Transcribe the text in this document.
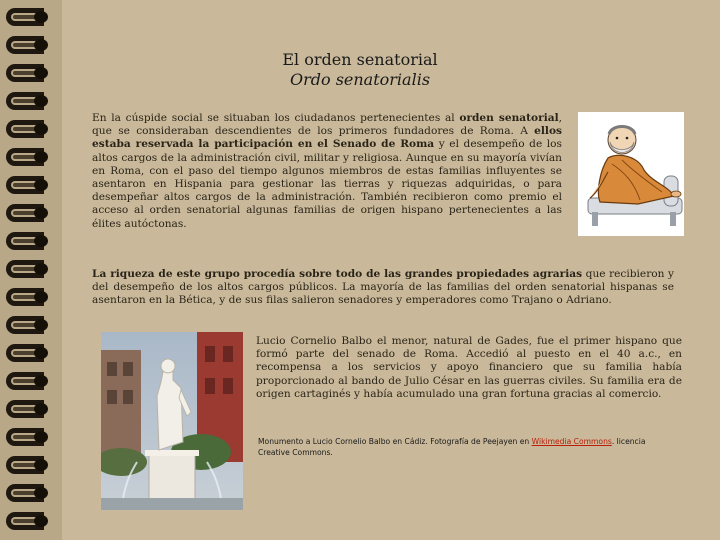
El orden senatorial
Ordo senatorialis
En la cúspide social se situaban los ciudadanos pertenecientes al orden senatorial, que se consideraban descendientes de los primeros fundadores de Roma. A ellos estaba reservada la participación en el Senado de Roma y el desempeño de los altos cargos de la administración civil, militar y religiosa. Aunque en su mayoría vivían en Roma, con el paso del tiempo algunos miembros de estas familias influyentes se asentaron en Hispania para gestionar las tierras y riquezas adquiridas, o para desempeñar altos cargos de la administración. También recibieron como premio el acceso al orden senatorial algunas familias de origen hispano pertenecientes a las élites autóctonas.
La riqueza de este grupo procedía sobre todo de las grandes propiedades agrarias que recibieron y del desempeño de los altos cargos públicos. La mayoría de las familias del orden senatorial hispanas se asentaron en la Bética, y de sus filas salieron senadores y emperadores como Trajano o Adriano.
Lucio Cornelio Balbo el menor, natural de Gades, fue el primer hispano que formó parte del senado de Roma. Accedió al puesto en el 40 a.c., en recompensa a los servicios y apoyo financiero que su familia había proporcionado al bando de Julio César en las guerras civiles. Su familia era de origen cartaginés y había acumulado una gran fortuna gracias al comercio.
Monumento a Lucio Cornelio Balbo en Cádiz. Fotografía de Peejayen en Wikimedia Commons. licencia Creative Commons.
